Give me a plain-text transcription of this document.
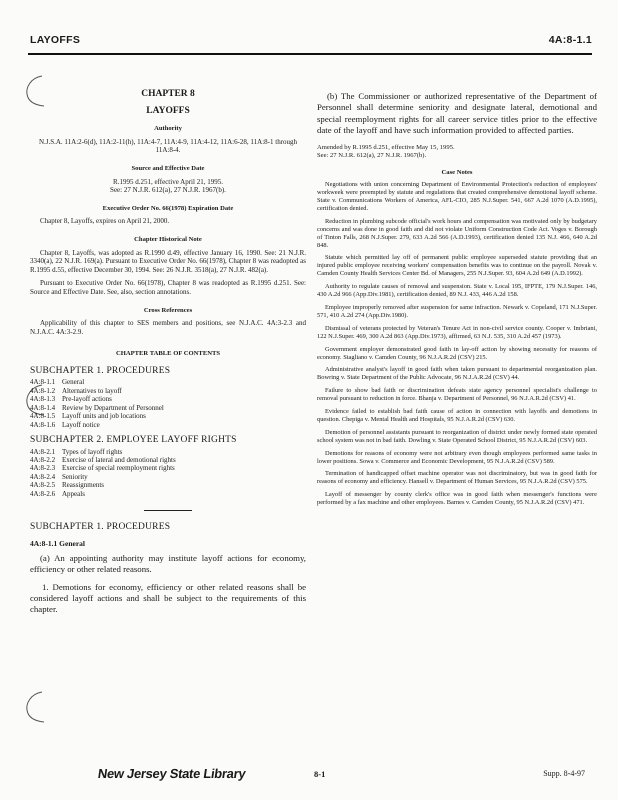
LAYOFFS	4A:8-1.1
CHAPTER 8
LAYOFFS
Authority

N.J.S.A. 11A:2-6(d), 11A:2-11(h), 11A:4-7, 11A:4-9, 11A:4-12, 11A:6-28, 11A:8-1 through 11A:8-4.

Source and Effective Date

R.1995 d.251, effective April 21, 1995.

See: 27 N.J.R. 612(a), 27 N.J.R. 1967(b).

Executive Order No. 66(1978) Expiration Date

Chapter 8, Layoffs, expires on April 21, 2000.

Chapter Historical Note

Chapter 8, Layoffs, was adopted as R.1990 d.49, effective January 16, 1990. See: 21 N.J.R. 3340(a), 22 N.J.R. 169(a). Pursuant to Executive Order No. 66(1978), Chapter 8 was readopted as R.1995 d.55, effective December 30, 1994. See: 26 N.J.R. 3518(a), 27 N.J.R. 482(a).

Pursuant to Executive Order No. 66(1978), Chapter 8 was readopted as R.1995 d.251. See: Source and Effective Date. See, also, section annotations.

Cross References

Applicability of this chapter to SES members and positions, see N.J.A.C. 4A:3-2.3 and N.J.A.C. 4A:3-2.9.

CHAPTER TABLE OF CONTENTS
SUBCHAPTER 1. PROCEDURES
4A:8-1.1 General
4A:8-1.2 Alternatives to layoff
4A:8-1.3 Pre-layoff actions
4A:8-1.4 Review by Department of Personnel
4A:8-1.5 Layoff units and job locations
4A:8-1.6 Layoff notice
SUBCHAPTER 2. EMPLOYEE LAYOFF RIGHTS
4A:8-2.1 Types of layoff rights
4A:8-2.2 Exercise of lateral and demotional rights
4A:8-2.3 Exercise of special reemployment rights
4A:8-2.4 Seniority
4A:8-2.5 Reassignments
4A:8-2.6 Appeals
SUBCHAPTER 1. PROCEDURES
4A:8-1.1 General

(a) An appointing authority may institute layoff actions for economy, efficiency or other related reasons.

1. Demotions for economy, efficiency or other related reasons shall be considered layoff actions and shall be subject to the requirements of this chapter.

(b) The Commissioner or authorized representative of the Department of Personnel shall determine seniority and designate lateral, demotional and special reemployment rights for all career service titles prior to the effective date of the layoff and have such information provided to affected parties.

Amended by R.1995 d.251, effective May 15, 1995.
See: 27 N.J.R. 612(a), 27 N.J.R. 1967(b).
Case Notes

Negotiations with union concerning Department of Environmental Protection's reduction of employees' workweek were preempted by statute and regulations that created comprehensive demotional layoff scheme. State v. Communications Workers of America, AFL-CIO, 285 N.J.Super. 541, 667 A.2d 1070 (A.D.1995), certification denied.

Reduction in plumbing subcode official's work hours and compensation was motivated only by budgetary concerns and was done in good faith and did not violate Uniform Construction Code Act. Voges v. Borough of Tinton Falls, 268 N.J.Super. 279, 633 A.2d 566 (A.D.1993), certification denied 135 N.J. 466, 640 A.2d 848.

Statute which permitted lay off of permanent public employee superseded statute providing that an injured public employee receiving workers' compensation benefits was to continue on the payroll. Novak v. Camden County Health Services Center Bd. of Managers, 255 N.J.Super. 93, 604 A.2d 649 (A.D.1992).

Authority to regulate causes of removal and suspension. State v. Local 195, IFPTE, 179 N.J.Super. 146, 430 A.2d 966 (App.Div.1981), certification denied, 89 N.J. 433, 446 A.2d 158.

Employee improperly removed after suspension for same infraction. Newark v. Copeland, 171 N.J.Super. 571, 410 A.2d 274 (App.Div.1980).

Dismissal of veterans protected by Veteran's Tenure Act in non-civil service county. Cooper v. Imbriani, 122 N.J.Super. 469, 300 A.2d 863 (App.Div.1973), affirmed, 63 N.J. 535, 310 A.2d 457 (1973).

Government employer demonstrated good faith in lay-off action by showing necessity for reasons of economy. Stagliano v. Camden County, 96 N.J.A.R.2d (CSV) 215.

Administrative analyst's layoff in good faith when taken pursuant to departmental reorganization plan. Bowring v. State Department of the Public Advocate, 96 N.J.A.R.2d (CSV) 44.

Failure to show bad faith or discrimination defeats state agency personnel specialist's challenge to removal pursuant to reduction in force. Bhanja v. Department of Personnel, 96 N.J.A.R.2d (CSV) 41.

Evidence failed to establish bad faith cause of action in connection with layoffs and demotions in question. Chepiga v. Mental Health and Hospitals, 95 N.J.A.R.2d (CSV) 630.

Demotion of personnel assistants pursuant to reorganization of district under newly formed state operated school system was not in bad faith. Dowling v. State Operated School District, 95 N.J.A.R.2d (CSV) 603.

Demotions for reasons of economy were not arbitrary even though employees performed same tasks in lower positions. Sowa v. Commerce and Economic Development, 95 N.J.A.R.2d (CSV) 589.

Termination of handicapped offset machine operator was not discriminatory, but was in good faith for reasons of economy and efficiency. Hansell v. Department of Human Services, 95 N.J.A.R.2d (CSV) 575.

Layoff of messenger by county clerk's office was in good faith when messenger's functions were performed by a fax machine and other employees. Barnes v. Camden County, 95 N.J.A.R.2d (CSV) 471.

New Jersey State Library	8-1	Supp. 8-4-97
